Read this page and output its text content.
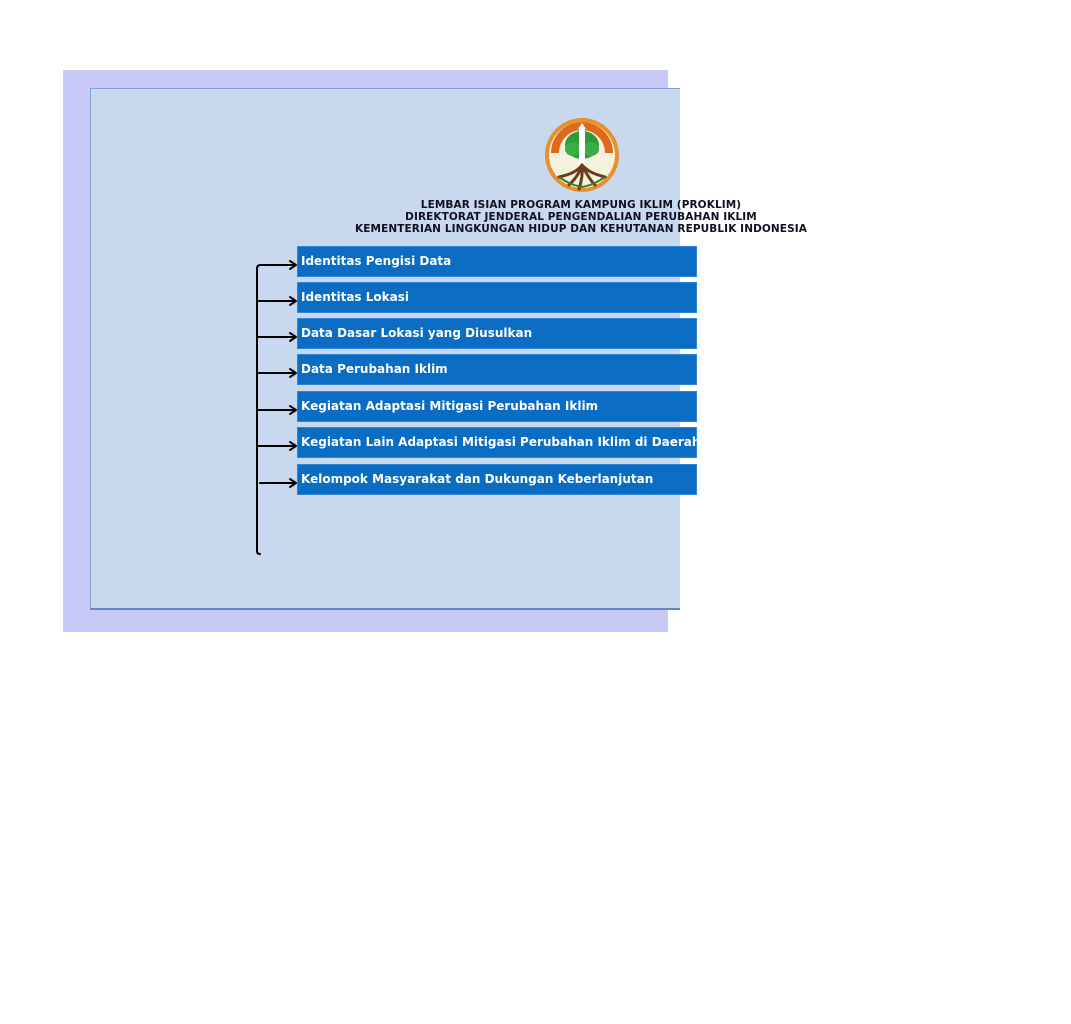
LEMBAR ISIAN PROGRAM KAMPUNG IKLIM (PROKLIM)
DIREKTORAT JENDERAL PENGENDALIAN PERUBAHAN IKLIM
KEMENTERIAN LINGKUNGAN HIDUP DAN KEHUTANAN REPUBLIK INDONESIA
Identitas Pengisi Data
Identitas Lokasi
Data Dasar Lokasi yang Diusulkan
Data Perubahan Iklim
Kegiatan Adaptasi Mitigasi Perubahan Iklim
Kegiatan Lain Adaptasi Mitigasi Perubahan Iklim di Daerah Lain
Kelompok Masyarakat dan Dukungan Keberlanjutan
